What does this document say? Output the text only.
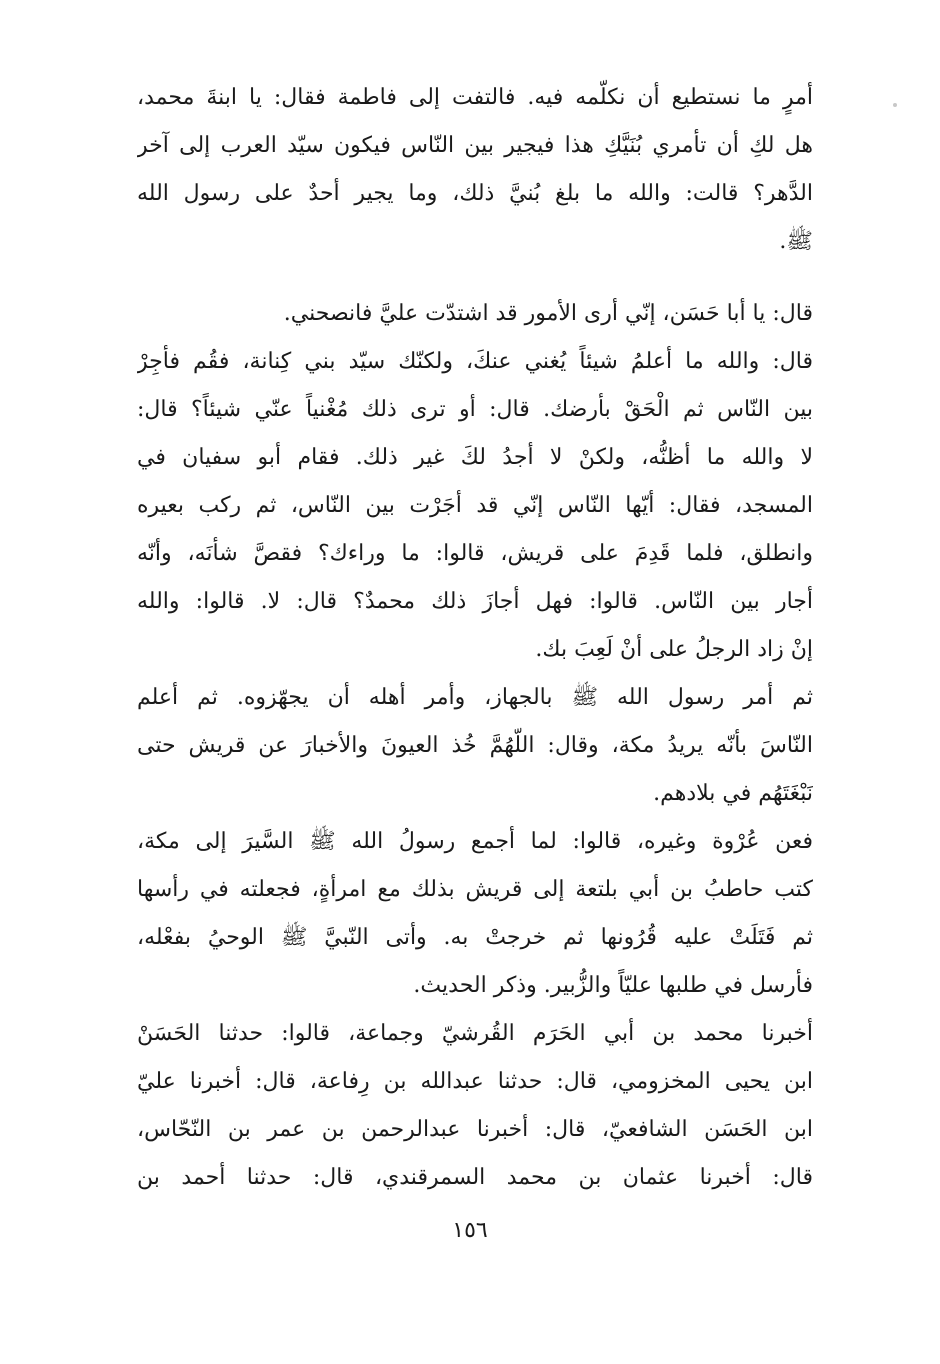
أمرٍ ما نستطيع أن نكلّمه فيه. فالتفت إلى فاطمة فقال: يا ابنةَ محمد،
هل لكِ أن تأمري بُنَيَّكِ هذا فيجير بين النّاس فيكون سيّد العرب إلى آخر
الدَّهر؟ قالت: والله ما بلغ بُنيَّ ذلك، وما يجير أحدٌ على رسول الله
ﷺ.
قال: يا أبا حَسَن، إنّي أرى الأمور قد اشتدّت عليَّ فانصحني.
قال: والله ما أعلمُ شيئاً يُغني عنكَ، ولكنّك سيّد بني كِنانة، فقُم فأجِرْ
بين النّاس ثم الْحَقْ بأرضك. قال: أو ترى ذلك مُغْنياً عنّي شيئاً؟ قال:
لا والله ما أظنُّه، ولكنْ لا أجدُ لكَ غير ذلك. فقام أبو سفيان في
المسجد، فقال: أيّها النّاس إنّي قد أجَرْت بين النّاس، ثم ركب بعيره
وانطلق، فلما قَدِمَ على قريش، قالوا: ما وراءك؟ فقصَّ شأنَه، وأنّه
أجار بين النّاس. قالوا: فهل أجازَ ذلك محمدٌ؟ قال: لا. قالوا: والله
إنْ زاد الرجلُ على أنْ لَعِبَ بك.
ثم أمر رسول الله ﷺ بالجهاز، وأمر أهله أن يجهّزوه. ثم أعلم
النّاسَ بأنّه يريدُ مكة، وقال: اللّهُمَّ خُذ العيونَ والأخبارَ عن قريش حتى
نَبْغَتَهُم في بلادهم.
فعن عُرْوة وغيره، قالوا: لما أجمع رسولُ الله ﷺ السَّيرَ إلى مكة،
كتب حاطبُ بن أبي بلتعة إلى قريش بذلك مع امرأةٍ، فجعلته في رأسها
ثم فَتَلَتْ عليه قُرُونها ثم خرجتْ به. وأتى النّبيَّ ﷺ الوحيُ بفعْله،
فأرسل في طلبها عليّاً والزُّبير. وذكر الحديث.
أخبرنا محمد بن أبي الحَرَم القُرشيّ وجماعة، قالوا: حدثنا الحَسَنْ
ابن يحيى المخزومي، قال: حدثنا عبدالله بن رِفاعة، قال: أخبرنا عليّ
ابن الحَسَن الشافعيّ، قال: أخبرنا عبدالرحمن بن عمر بن النّحّاس،
قال: أخبرنا عثمان بن محمد السمرقندي، قال: حدثنا أحمد بن
١٥٦
